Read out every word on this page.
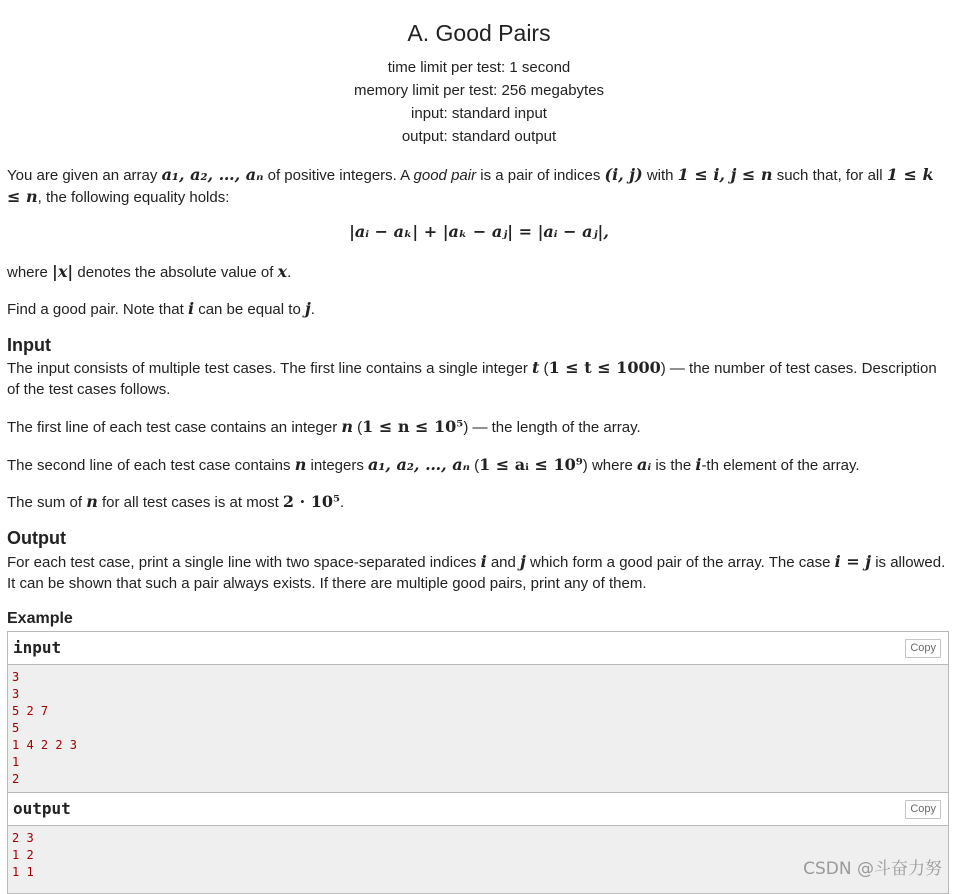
A. Good Pairs
time limit per test: 1 second
memory limit per test: 256 megabytes
input: standard input
output: standard output
You are given an array a₁, a₂, …, aₙ of positive integers. A good pair is a pair of indices (i, j) with 1 ≤ i, j ≤ n such that, for all 1 ≤ k ≤ n, the following equality holds:
|aᵢ − aₖ| + |aₖ − aⱼ| = |aᵢ − aⱼ|,
where |x| denotes the absolute value of x.
Find a good pair. Note that i can be equal to j.
Input
The input consists of multiple test cases. The first line contains a single integer t (1 ≤ t ≤ 1000) — the number of test cases. Description of the test cases follows.
The first line of each test case contains an integer n (1 ≤ n ≤ 10⁵) — the length of the array.
The second line of each test case contains n integers a₁, a₂, …, aₙ (1 ≤ aᵢ ≤ 10⁹) where aᵢ is the i-th element of the array.
The sum of n for all test cases is at most 2 · 10⁵.
Output
For each test case, print a single line with two space-separated indices i and j which form a good pair of the array. The case i = j is allowed. It can be shown that such a pair always exists. If there are multiple good pairs, print any of them.
Example
input	Copy
3
3
5 2 7
5
1 4 2 2 3
1
2
output	Copy
2 3
1 2
1 1	CSDN @斗奋力努
